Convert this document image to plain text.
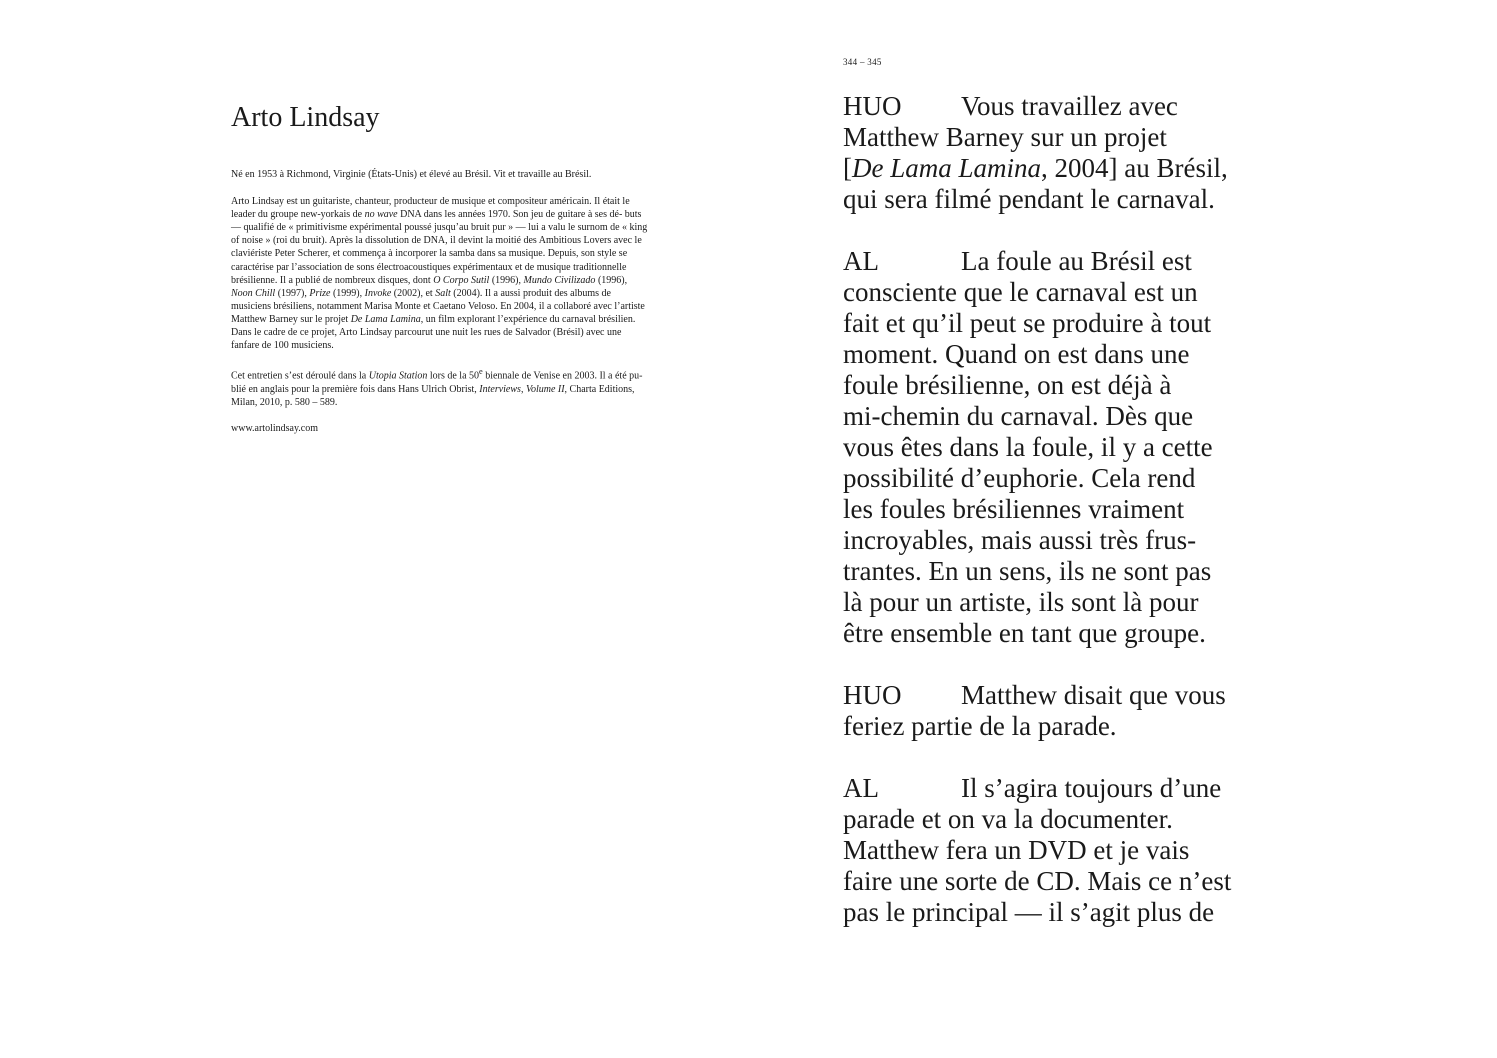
Arto Lindsay

Né en 1953 à Richmond, Virginie (États-Unis) et élevé au Brésil. Vit et travaille au Brésil.

Arto Lindsay est un guitariste, chanteur, producteur de musique et compositeur américain. Il était le leader du groupe new-yorkais de no wave DNA dans les années 1970. Son jeu de guitare à ses dé- buts — qualifié de « primitivisme expérimental poussé jusqu’au bruit pur » — lui a valu le surnom de « king of noise » (roi du bruit). Après la dissolution de DNA, il devint la moitié des Ambitious Lovers avec le claviériste Peter Scherer, et commença à incorporer la samba dans sa musique. Depuis, son style se caractérise par l’association de sons électroacoustiques expérimentaux et de musique traditionnelle brésilienne. Il a publié de nombreux disques, dont O Corpo Sutil (1996), Mundo Civilizado (1996), Noon Chill (1997), Prize (1999), Invoke (2002), et Salt (2004). Il a aussi produit des albums de musiciens brésiliens, notamment Marisa Monte et Caetano Veloso. En 2004, il a collaboré avec l’artiste Matthew Barney sur le projet De Lama Lamina, un film explorant l’expérience du carnaval brésilien. Dans le cadre de ce projet, Arto Lindsay parcourut une nuit les rues de Salvador (Brésil) avec une fanfare de 100 musiciens.

Cet entretien s’est déroulé dans la Utopia Station lors de la 50e biennale de Venise en 2003. Il a été pu- blié en anglais pour la première fois dans Hans Ulrich Obrist, Interviews, Volume II, Charta Editions, Milan, 2010, p. 580 – 589.

www.artolindsay.com

344 – 345
HUO Vous travaillez avec
Matthew Barney sur un projet
[De Lama Lamina, 2004] au Brésil,
qui sera filmé pendant le carnaval.
AL	La foule au Brésil est
consciente que le carnaval est un
fait et qu’il peut se produire à tout
moment. Quand on est dans une
foule brésilienne, on est déjà à
mi-chemin du carnaval. Dès que
vous êtes dans la foule, il y a cette
possibilité d’euphorie. Cela rend
les foules brésiliennes vraiment
incroyables, mais aussi très frus-
trantes. En un sens, ils ne sont pas
là pour un artiste, ils sont là pour
être ensemble en tant que groupe.
HUO Matthew disait que vous
feriez partie de la parade.
AL	Il s’agira toujours d’une
parade et on va la documenter.
Matthew fera un DVD et je vais
faire une sorte de CD. Mais ce n’est
pas le principal — il s’agit plus de
